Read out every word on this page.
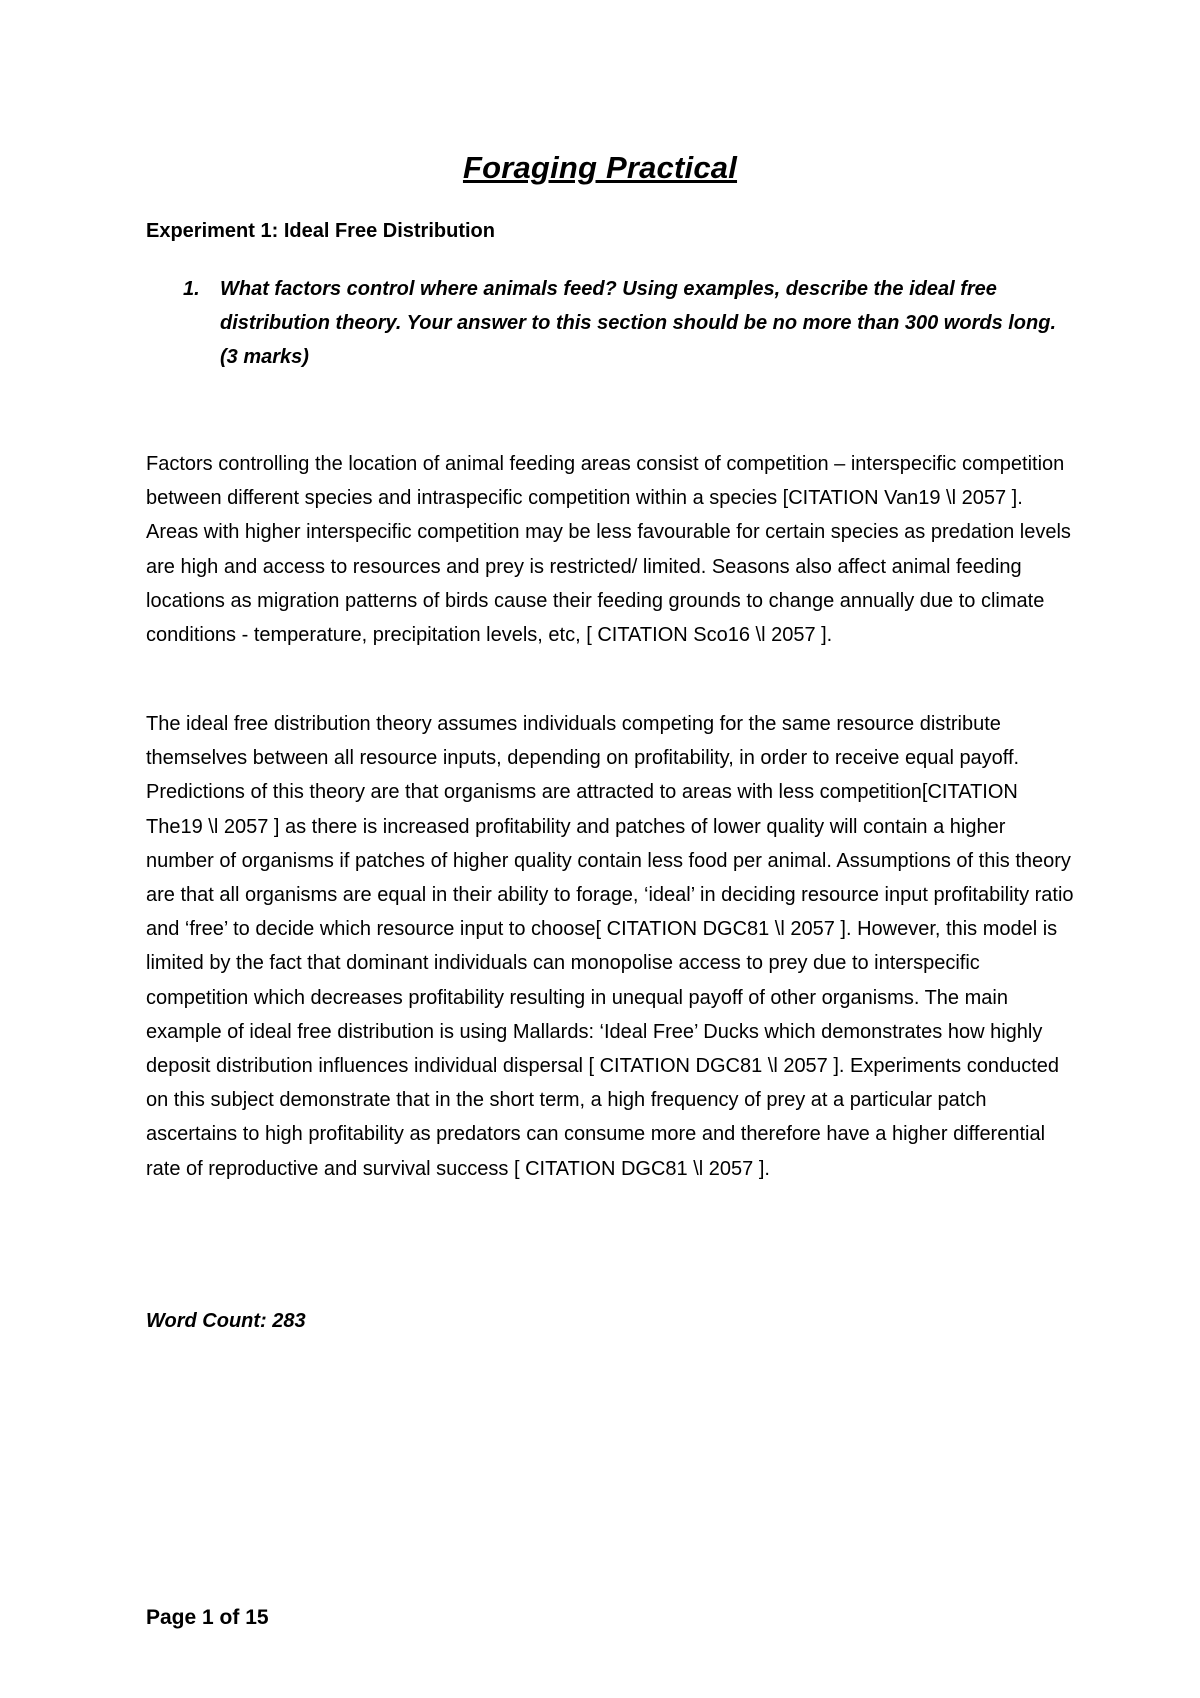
Foraging Practical
Experiment 1: Ideal Free Distribution
1. What factors control where animals feed? Using examples, describe the ideal free distribution theory. Your answer to this section should be no more than 300 words long.
(3 marks)

Factors controlling the location of animal feeding areas consist of competition – interspecific competition between different species and intraspecific competition within a species [CITATION Van19 \l 2057 ]. Areas with higher interspecific competition may be less favourable for certain species as predation levels are high and access to resources and prey is restricted/ limited. Seasons also affect animal feeding locations as migration patterns of birds cause their feeding grounds to change annually due to climate conditions - temperature, precipitation levels, etc, [ CITATION Sco16 \l 2057 ].

The ideal free distribution theory assumes individuals competing for the same resource distribute themselves between all resource inputs, depending on profitability, in order to receive equal payoff. Predictions of this theory are that organisms are attracted to areas with less competition[CITATION The19 \l 2057 ] as there is increased profitability and patches of lower quality will contain a higher number of organisms if patches of higher quality contain less food per animal. Assumptions of this theory are that all organisms are equal in their ability to forage, ‘ideal’ in deciding resource input profitability ratio and ‘free’ to decide which resource input to choose[ CITATION DGC81 \l 2057 ]. However, this model is limited by the fact that dominant individuals can monopolise access to prey due to interspecific competition which decreases profitability resulting in unequal payoff of other organisms. The main example of ideal free distribution is using Mallards: ‘Ideal Free’ Ducks which demonstrates how highly deposit distribution influences individual dispersal [ CITATION DGC81 \l 2057 ]. Experiments conducted on this subject demonstrate that in the short term, a high frequency of prey at a particular patch ascertains to high profitability as predators can consume more and therefore have a higher differential rate of reproductive and survival success [ CITATION DGC81 \l 2057 ].

Word Count: 283
Page 1 of 15
